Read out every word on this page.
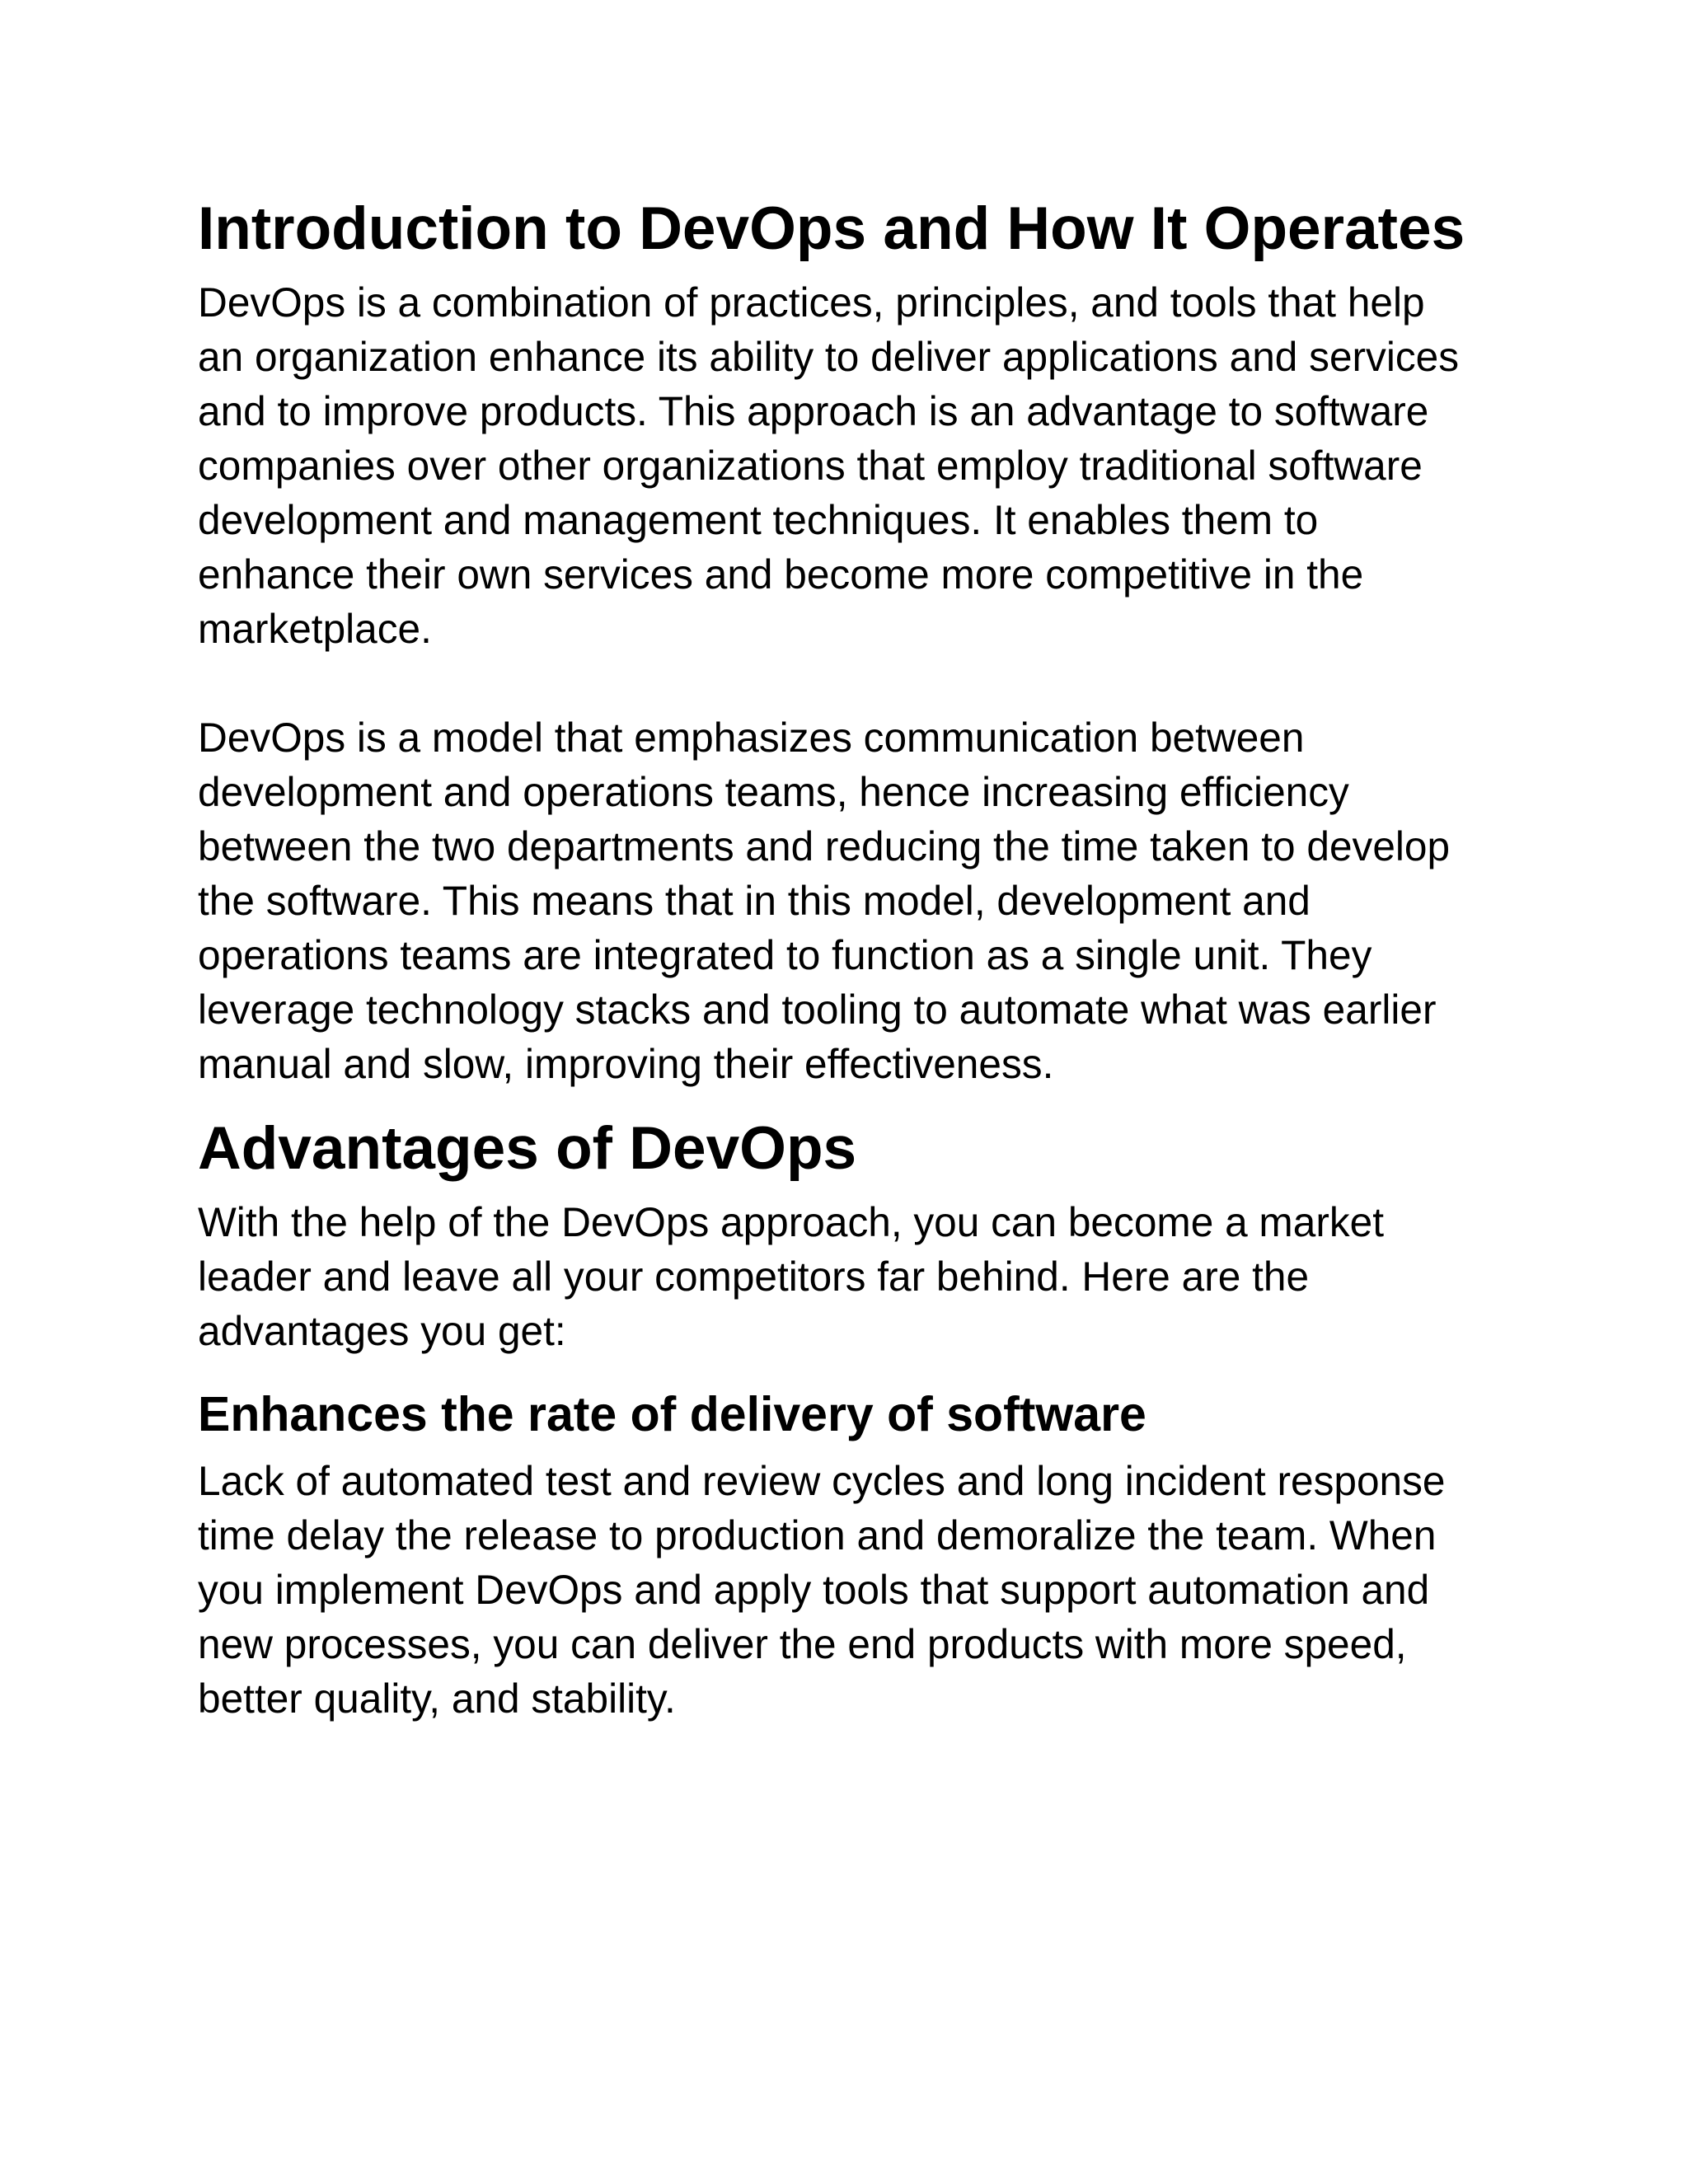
Introduction to DevOps and How It Operates

DevOps is a combination of practices, principles, and tools that help
an organization enhance its ability to deliver applications and services
and to improve products. This approach is an advantage to software
companies over other organizations that employ traditional software
development and management techniques. It enables them to
enhance their own services and become more competitive in the
marketplace.

DevOps is a model that emphasizes communication between
development and operations teams, hence increasing efficiency
between the two departments and reducing the time taken to develop
the software. This means that in this model, development and
operations teams are integrated to function as a single unit. They
leverage technology stacks and tooling to automate what was earlier
manual and slow, improving their effectiveness.

Advantages of DevOps

With the help of the DevOps approach, you can become a market
leader and leave all your competitors far behind. Here are the
advantages you get:

Enhances the rate of delivery of software

Lack of automated test and review cycles and long incident response
time delay the release to production and demoralize the team. When
you implement DevOps and apply tools that support automation and
new processes, you can deliver the end products with more speed,
better quality, and stability.
